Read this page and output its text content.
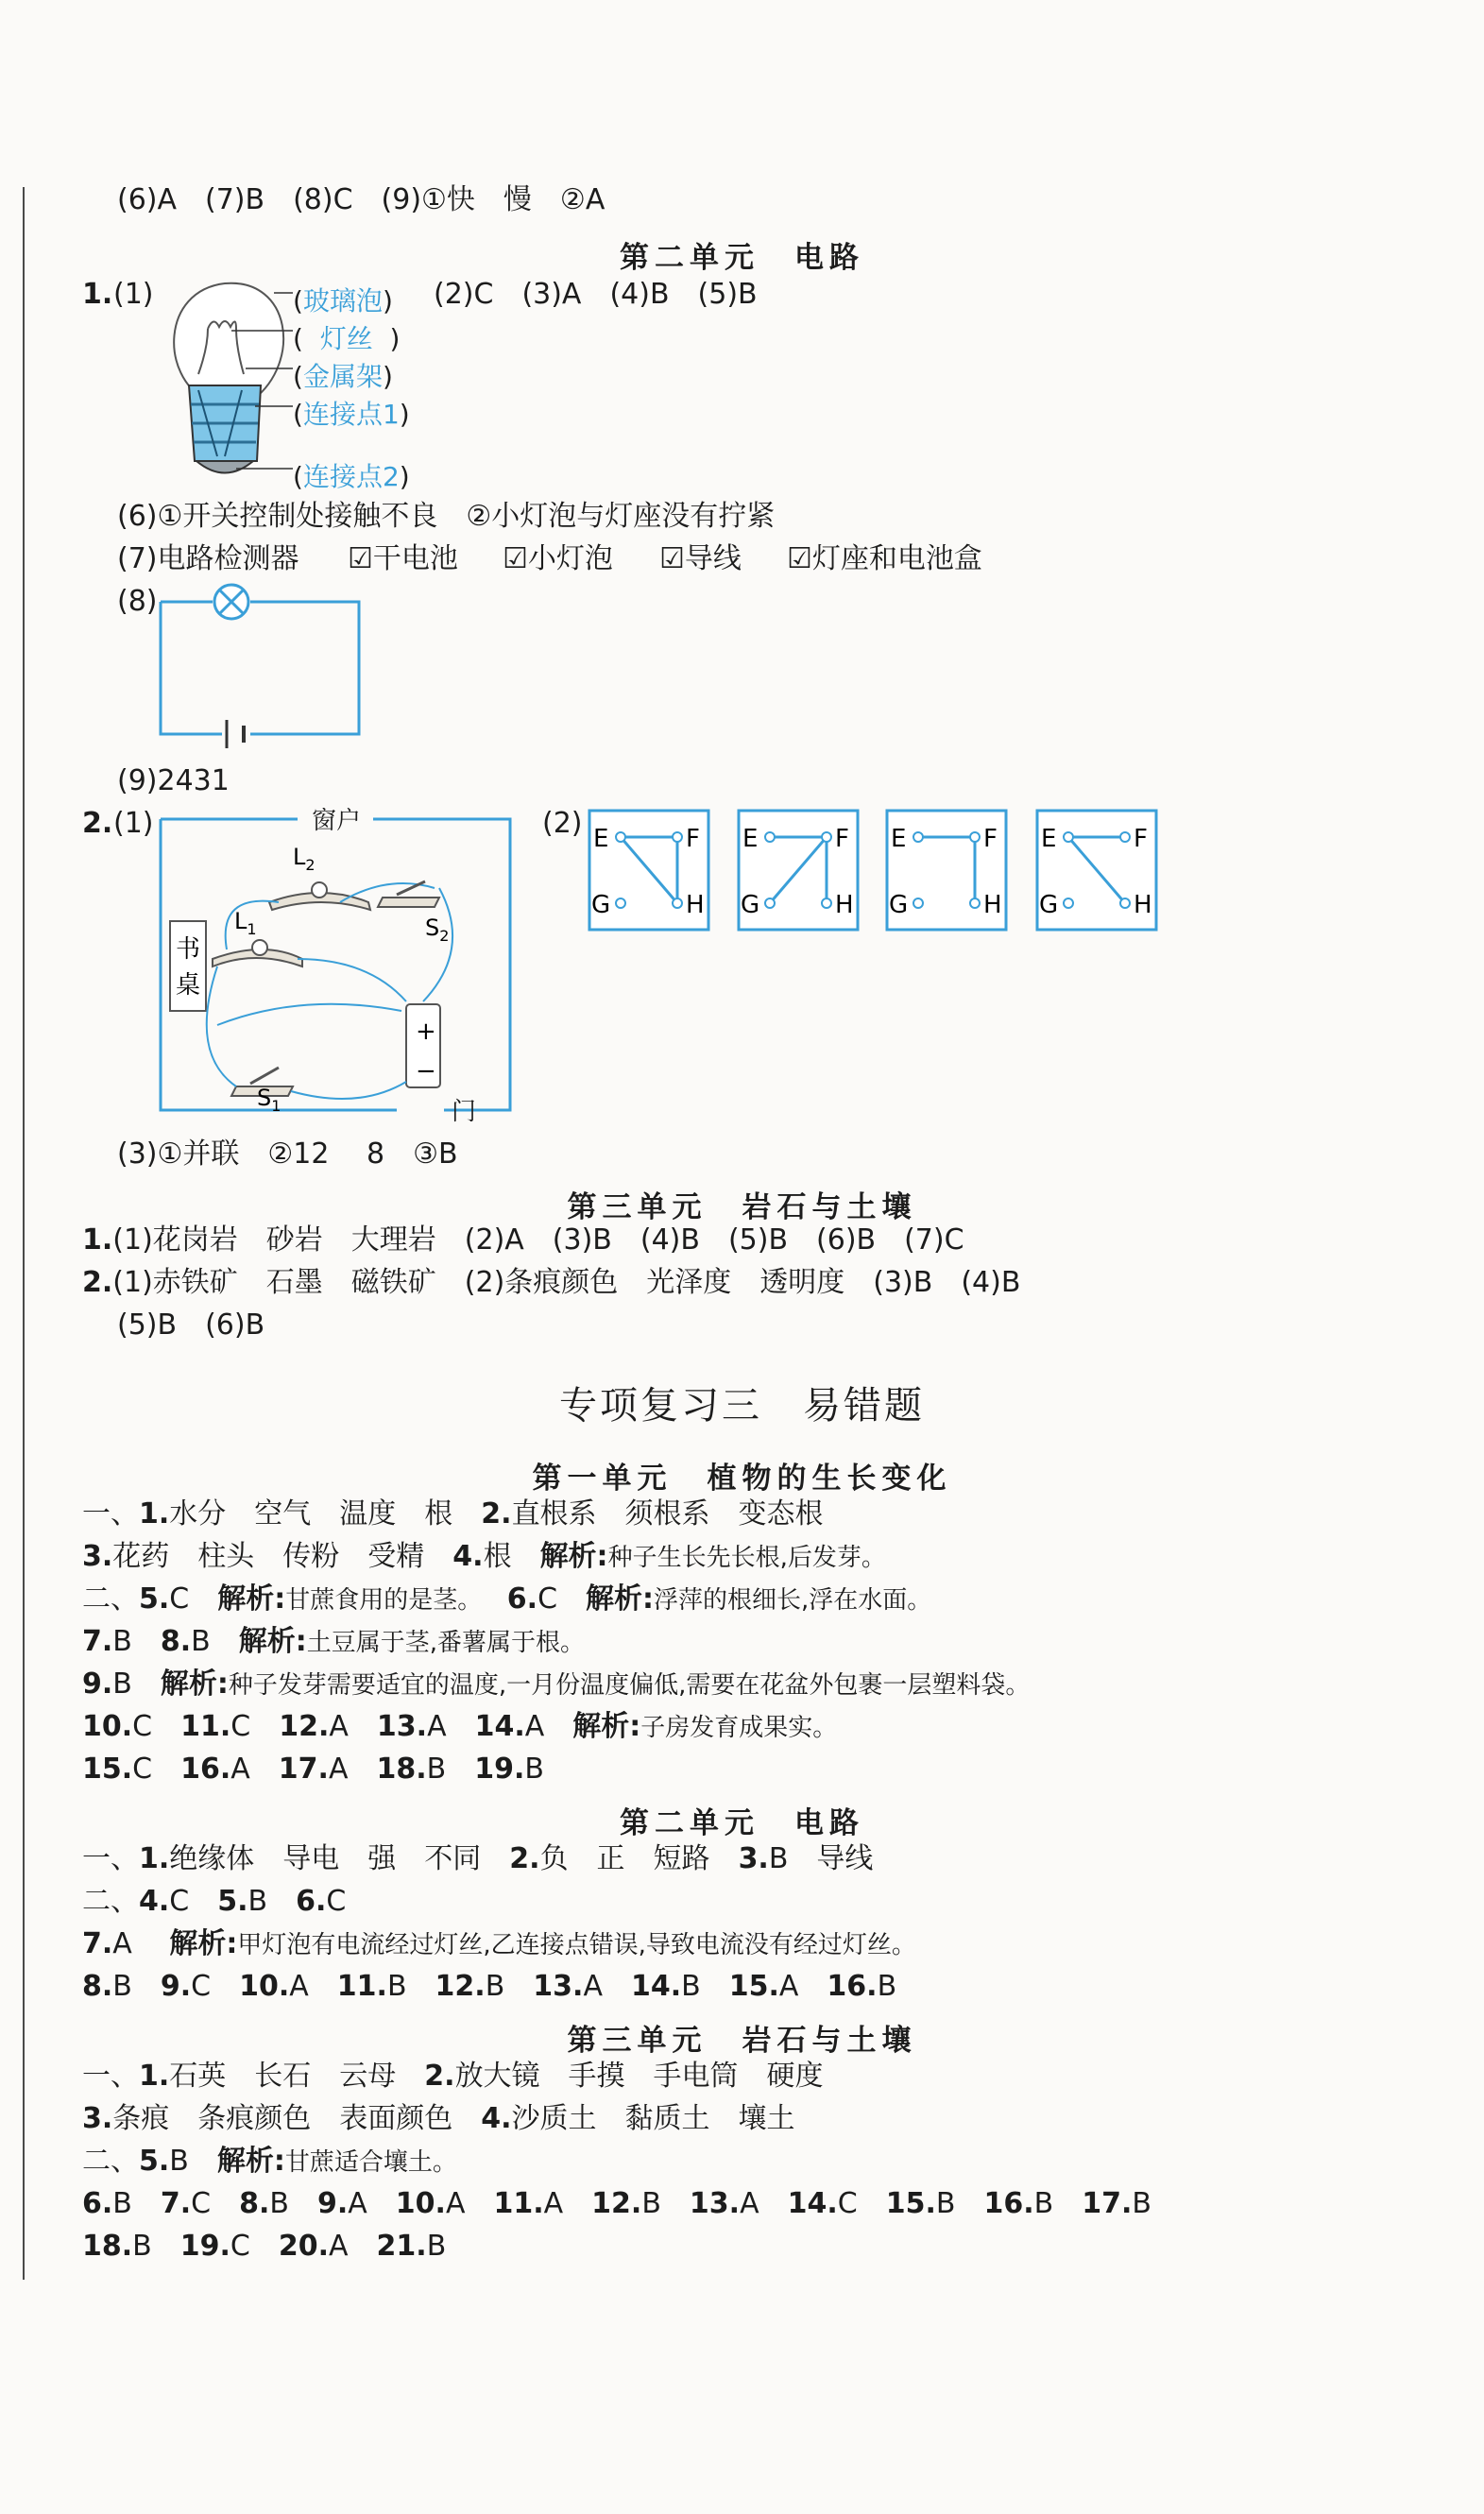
(6)A　(7)B　(8)C　(9)①快　慢　②A
第二单元　电路
1. (1)	(2)C　(3)A　(4)B　(5)B
(玻璃泡)
(  灯丝  )
(金属架)
(连接点1)
(连接点2)
(6)①开关控制处接触不良　②小灯泡与灯座没有拧紧
(7)电路检测器 ☑干电池 ☑小灯泡 ☑导线 ☑灯座和电池盒
(8)
(9)2431
2. (1)	窗户
门
书
桌
+
−
$L_2$
$L_1$	$S_2$
$S_1$
(2) E	F
G	H
E	F
G	H
E	F
G	H
E	F
G	H
(3)①并联　②12　 8　③B
第三单元　岩石与土壤
1.(1)花岗岩　砂岩　大理岩　(2)A　(3)B　(4)B　(5)B　(6)B　(7)C
2.(1)赤铁矿　石墨　磁铁矿　(2)条痕颜色　光泽度　透明度　(3)B　(4)B
(5)B　(6)B
专项复习三　易错题
第一单元　植物的生长变化
一、1.水分　空气　温度　根　 2.直根系　须根系　变态根
3.花药　柱头　传粉　受精　 4.根　 解析:种子生长先长根,后发芽。
二、5.C　 解析:甘蔗食用的是茎。　 6.C　 解析:浮萍的根细长,浮在水面。
7.B　8.B　解析:土豆属于茎,番薯属于根。
9.B　解析:种子发芽需要适宜的温度,一月份温度偏低,需要在花盆外包裹一层塑料袋。
10.C　11.C　12.A　13.A　14.A　解析:子房发育成果实。
15.C　16.A　17.A　18.B　19.B
第二单元　电路
一、1.绝缘体　导电　强　不同　 2.负　正　短路　 3.B　导线
二、4.C　5.B　6.C
7.A　 解析:甲灯泡有电流经过灯丝,乙连接点错误,导致电流没有经过灯丝。
8.B　9.C　10.A　11.B　12.B　13.A　14.B　15.A　16.B
第三单元　岩石与土壤
一、1.石英　长石　云母　 2.放大镜　手摸　手电筒　硬度
3.条痕　条痕颜色　表面颜色　 4.沙质土　黏质土　壤土
二、5.B　解析:甘蔗适合壤土。
6.B　7.C　8.B　9.A　10.A　11.A　12.B　13.A　14.C　15.B　16.B　17.B
18.B　19.C　20.A　21.B
